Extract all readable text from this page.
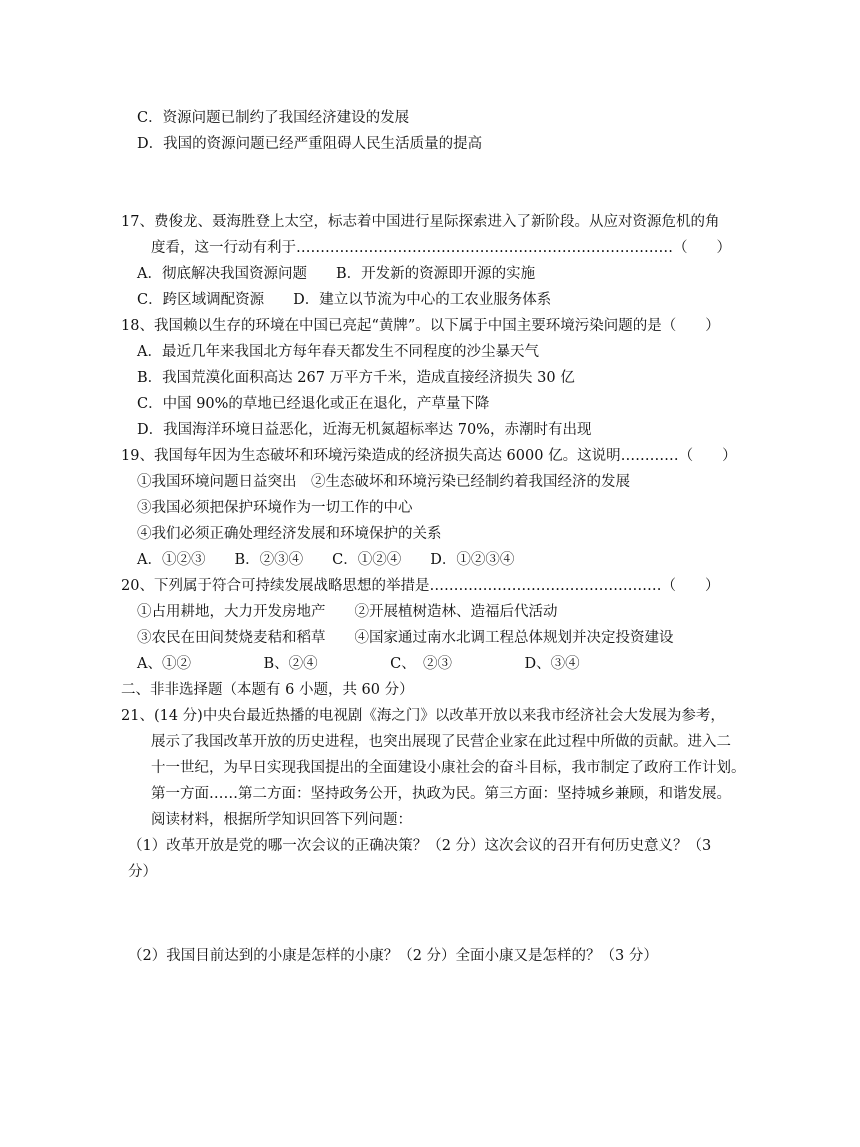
C．资源问题已制约了我国经济建设的发展
D．我国的资源问题已经严重阻碍人民生活质量的提高
17、费俊龙、聂海胜登上太空，标志着中国进行星际探索进入了新阶段。从应对资源危机的角
度看，这一行动有利于……………………………………………………………………（　　）
A．彻底解决我国资源问题　　B．开发新的资源即开源的实施
C．跨区域调配资源　　D．建立以节流为中心的工农业服务体系
18、我国赖以生存的环境在中国已亮起“黄牌”。以下属于中国主要环境污染问题的是（　　）
A．最近几年来我国北方每年春天都发生不同程度的沙尘暴天气
B．我国荒漠化面积高达 267 万平方千米，造成直接经济损失 30 亿
C．中国 90%的草地已经退化或正在退化，产草量下降
D．我国海洋环境日益恶化，近海无机氮超标率达 70%，赤潮时有出现
19、我国每年因为生态破坏和环境污染造成的经济损失高达 6000 亿。这说明…………（　　）
①我国环境问题日益突出　②生态破坏和环境污染已经制约着我国经济的发展
③我国必须把保护环境作为一切工作的中心
④我们必须正确处理经济发展和环境保护的关系
A．①②③　　B．②③④　　C．①②④　　D．①②③④
20、下列属于符合可持续发展战略思想的举措是…………………………………………（　　）
①占用耕地，大力开发房地产　　②开展植树造林、造福后代活动
③农民在田间焚烧麦秸和稻草　　④国家通过南水北调工程总体规划并决定投资建设
A、①②　　　　　B、②④　　　　　C、　②③　　　　　D、③④
二、非非选择题（本题有 6 小题，共 60 分）
21、(14 分)中央台最近热播的电视剧《海之门》以改革开放以来我市经济社会大发展为参考，
展示了我国改革开放的历史进程，也突出展现了民营企业家在此过程中所做的贡献。进入二
十一世纪，为早日实现我国提出的全面建设小康社会的奋斗目标，我市制定了政府工作计划。
第一方面……第二方面：坚持政务公开，执政为民。第三方面：坚持城乡兼顾，和谐发展。
阅读材料，根据所学知识回答下列问题：
（1）改革开放是党的哪一次会议的正确决策？（2 分）这次会议的召开有何历史意义？（3
分）
（2）我国目前达到的小康是怎样的小康？（2 分）全面小康又是怎样的？（3 分）
